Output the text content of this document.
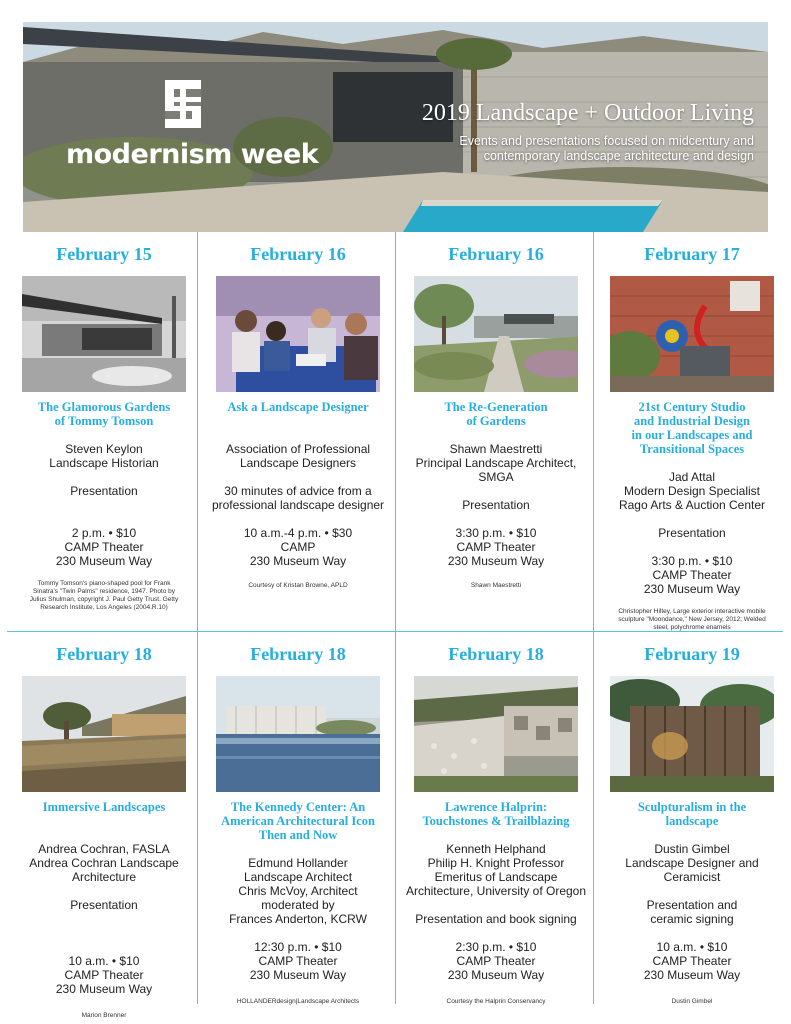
modernism week
2019 Landscape + Outdoor Living
Events and presentations focused on midcentury and contemporary landscape architecture and design
February 15
The Glamorous Gardens
of Tommy Tomson
Steven Keylon
Landscape Historian
Presentation
2 p.m. • $10
CAMP Theater
230 Museum Way
Tommy Tomson's piano-shaped pool for Frank
Sinatra's "Twin Palms" residence, 1947. Photo by
Julius Shulman, copyright J. Paul Getty Trust. Getty
Research Institute, Los Angeles (2004.R.10)
February 16
Ask a Landscape Designer
Association of Professional
Landscape Designers
30 minutes of advice from a
professional landscape designer
10 a.m.-4 p.m. • $30
CAMP
230 Museum Way
Courtesy of Kristan Browne, APLD
February 16
The Re-Generation
of Gardens
Shawn Maestretti
Principal Landscape Architect,
SMGA
Presentation
3:30 p.m. • $10
CAMP Theater
230 Museum Way
Shawn Maestretti
February 17
21st Century Studio
and Industrial Design
in our Landscapes and
Transitional Spaces
Jad Attal
Modern Design Specialist
Rago Arts & Auction Center
Presentation
3:30 p.m. • $10
CAMP Theater
230 Museum Way
Christopher Hiltey, Large exterior interactive mobile
sculpture "Moondance," New Jersey, 2012; Welded
steel, polychrome enamels
February 18
Immersive Landscapes
Andrea Cochran, FASLA
Andrea Cochran Landscape
Architecture
Presentation
10 a.m. • $10
CAMP Theater
230 Museum Way
Marion Brenner
February 18
The Kennedy Center: An
American Architectural Icon
Then and Now
Edmund Hollander
Landscape Architect
Chris McVoy, Architect
moderated by
Frances Anderton, KCRW
12:30 p.m. • $10
CAMP Theater
230 Museum Way
HOLLANDERdesign|Landscape Architects
February 18
Lawrence Halprin:
Touchstones & Trailblazing
Kenneth Helphand
Philip H. Knight Professor
Emeritus of Landscape
Architecture, University of Oregon
Presentation and book signing
2:30 p.m. • $10
CAMP Theater
230 Museum Way
Courtesy the Halprin Conservancy
February 19
Sculpturalism in the
landscape
Dustin Gimbel
Landscape Designer and
Ceramicist
Presentation and
ceramic signing
10 a.m. • $10
CAMP Theater
230 Museum Way
Dustin Gimbel
